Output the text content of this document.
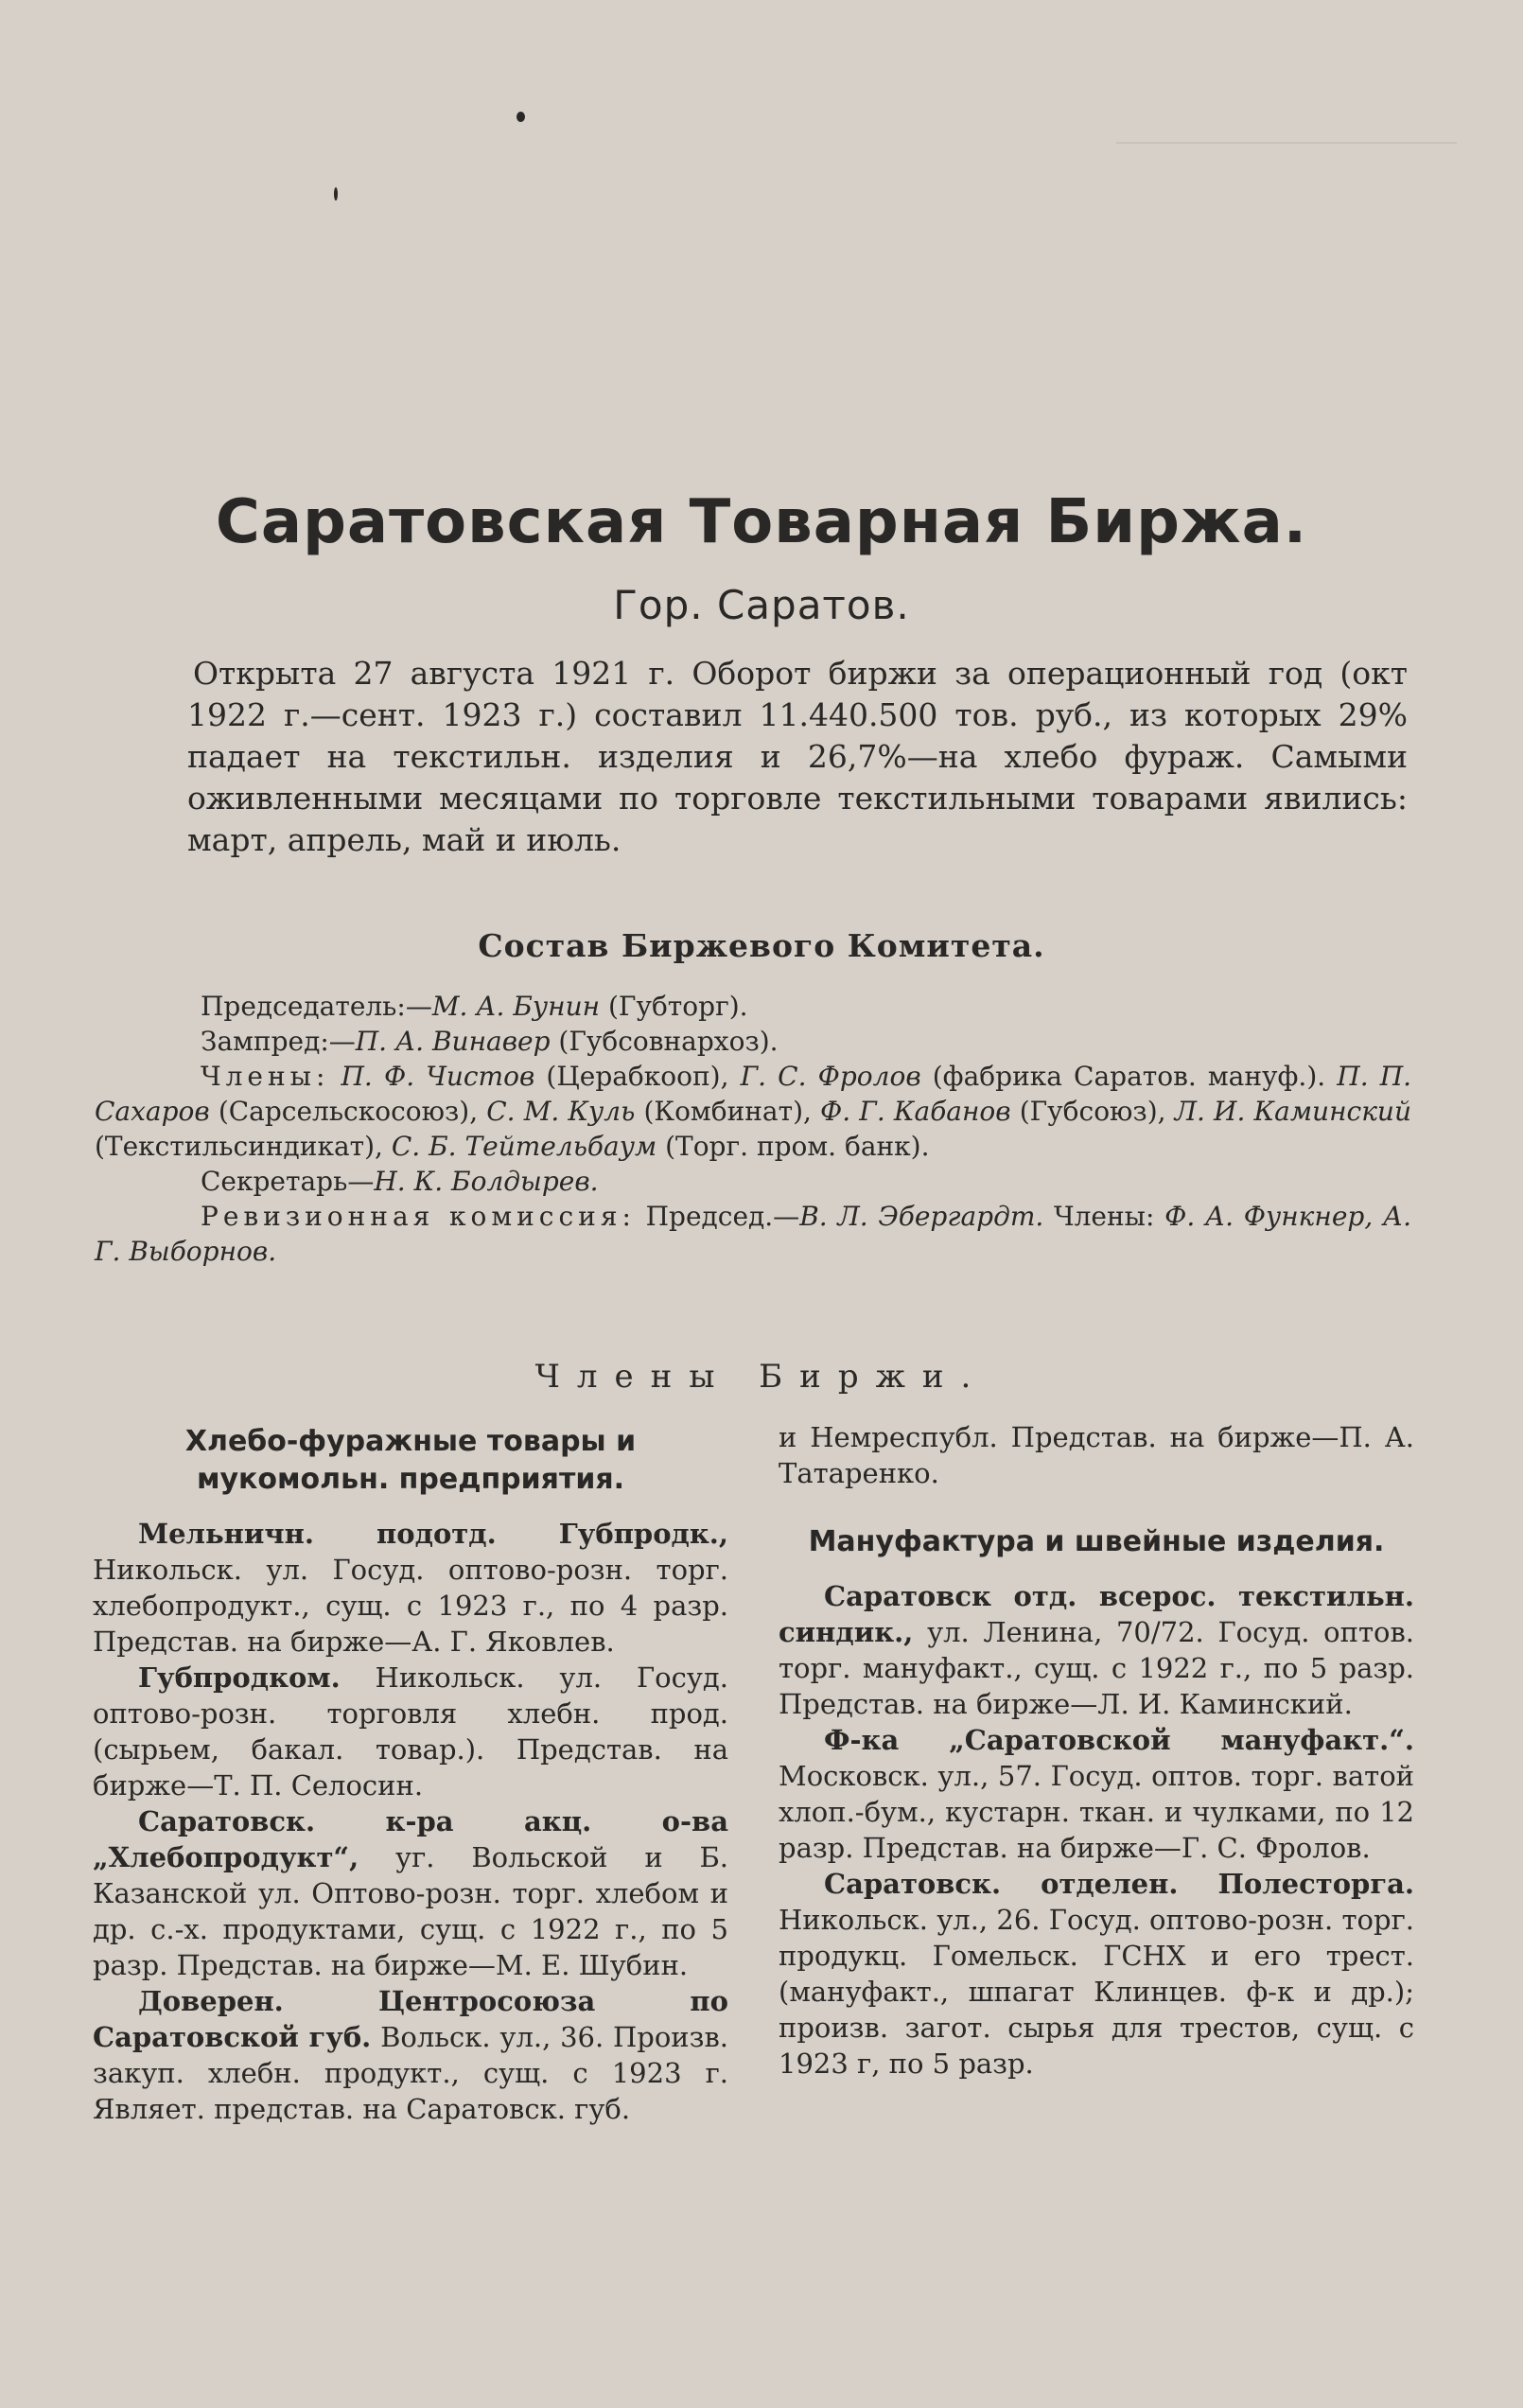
Саратовская Товарная Биржа.
Гор. Саратов.
Открыта 27 августа 1921 г. Оборот биржи за операционный год (окт 1922 г.—сент. 1923 г.) составил 11.440.500 тов. руб., из которых 29% падает на текстильн. изделия и 26,7%—на хлебо фураж. Самыми оживленными месяцами по торговле текстильными товарами явились: март, апрель, май и июль.
Состав Биржевого Комитета.

Председатель:—М. А. Бунин (Губторг).

Зампред:—П. А. Винавер (Губсовнархоз).

Члены: П. Ф. Чистов (Церабкооп), Г. С. Фролов (фабрика Саратов. мануф.). П. П. Сахаров (Сарсельскосоюз), С. М. Куль (Комбинат), Ф. Г. Кабанов (Губсоюз), Л. И. Каминский (Текстильсиндикат), С. Б. Тейтельбаум (Торг. пром. банк).

Секретарь—Н. К. Болдырев.

Ревизионная комиссия: Председ.—В. Л. Эбергардт. Члены: Ф. А. Функнер, А. Г. Выборнов.

Члены Биржи.

Хлебо-фуражные товары и мукомольн. предприятия.

Мельничн. подотд. Губпродк., Никольск. ул. Госуд. оптово-розн. торг. хлебопродукт., сущ. с 1923 г., по 4 разр. Представ. на бирже—А. Г. Яковлев.

Губпродком. Никольск. ул. Госуд. оптово-розн. торговля хлебн. прод. (сырьем, бакал. товар.). Представ. на бирже—Т. П. Селосин.

Саратовск. к-ра акц. о-ва „Хлебопродукт“, уг. Вольской и Б. Казанской ул. Оптово-розн. торг. хлебом и др. с.-х. продуктами, сущ. с 1922 г., по 5 разр. Представ. на бирже—М. Е. Шубин.

Доверен. Центросоюза по Саратовской губ. Вольск. ул., 36. Произв. закуп. хлебн. продукт., сущ. с 1923 г. Являет. представ. на Саратовск. губ.

и Немреспубл. Представ. на бирже—П. А. Татаренко.

Мануфактура и швейные изделия.

Саратовск отд. всерос. текстильн. синдик., ул. Ленина, 70/72. Госуд. оптов. торг. мануфакт., сущ. с 1922 г., по 5 разр. Представ. на бирже—Л. И. Каминский.

Ф-ка „Саратовской мануфакт.“. Московск. ул., 57. Госуд. оптов. торг. ватой хлоп.-бум., кустарн. ткан. и чулками, по 12 разр. Представ. на бирже—Г. С. Фролов.

Саратовск. отделен. Полесторга. Никольск. ул., 26. Госуд. оптово-розн. торг. продукц. Гомельск. ГСНХ и его трест. (мануфакт., шпагат Клинцев. ф-к и др.); произв. загот. сырья для трестов, сущ. с 1923 г, по 5 разр.
